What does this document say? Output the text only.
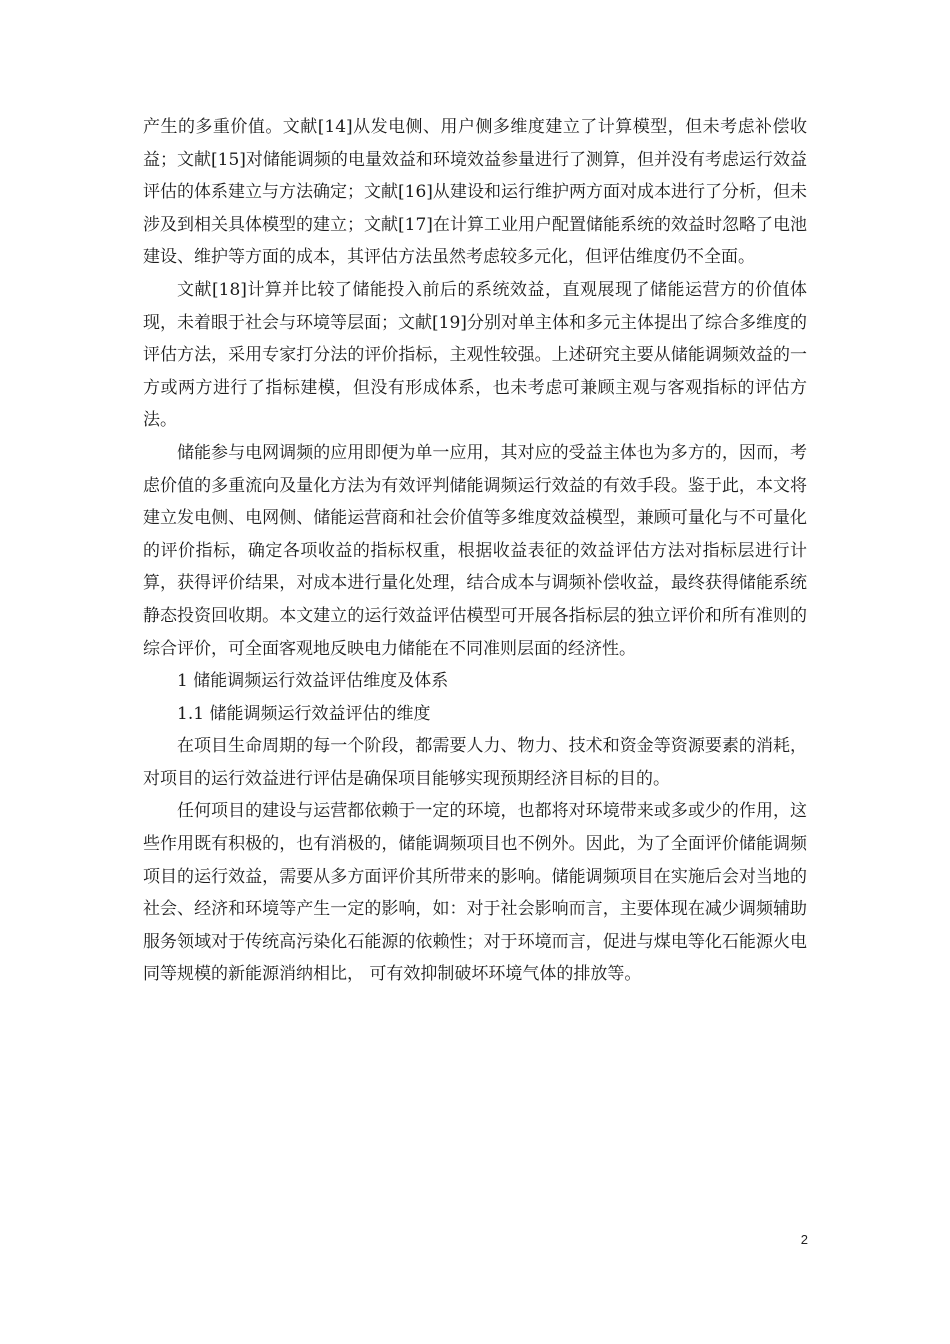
产生的多重价值。文献[14]从发电侧、用户侧多维度建立了计算模型，但未考虑补偿收益；文献[15]对储能调频的电量效益和环境效益参量进行了测算，但并没有考虑运行效益评估的体系建立与方法确定；文献[16]从建设和运行维护两方面对成本进行了分析，但未涉及到相关具体模型的建立；文献[17]在计算工业用户配置储能系统的效益时忽略了电池建设、维护等方面的成本，其评估方法虽然考虑较多元化，但评估维度仍不全面。

文献[18]计算并比较了储能投入前后的系统效益，直观展现了储能运营方的价值体现，未着眼于社会与环境等层面；文献[19]分别对单主体和多元主体提出了综合多维度的评估方法，采用专家打分法的评价指标，主观性较强。上述研究主要从储能调频效益的一方或两方进行了指标建模，但没有形成体系，也未考虑可兼顾主观与客观指标的评估方法。

储能参与电网调频的应用即便为单一应用，其对应的受益主体也为多方的，因而，考虑价值的多重流向及量化方法为有效评判储能调频运行效益的有效手段。鉴于此，本文将建立发电侧、电网侧、储能运营商和社会价值等多维度效益模型，兼顾可量化与不可量化的评价指标，确定各项收益的指标权重，根据收益表征的效益评估方法对指标层进行计算，获得评价结果，对成本进行量化处理，结合成本与调频补偿收益，最终获得储能系统静态投资回收期。本文建立的运行效益评估模型可开展各指标层的独立评价和所有准则的综合评价，可全面客观地反映电力储能在不同准则层面的经济性。

1 储能调频运行效益评估维度及体系

1.1 储能调频运行效益评估的维度

在项目生命周期的每一个阶段，都需要人力、物力、技术和资金等资源要素的消耗，对项目的运行效益进行评估是确保项目能够实现预期经济目标的目的。

任何项目的建设与运营都依赖于一定的环境，也都将对环境带来或多或少的作用，这些作用既有积极的，也有消极的，储能调频项目也不例外。因此，为了全面评价储能调频项目的运行效益，需要从多方面评价其所带来的影响。储能调频项目在实施后会对当地的社会、经济和环境等产生一定的影响，如：对于社会影响而言，主要体现在减少调频辅助服务领域对于传统高污染化石能源的依赖性；对于环境而言，促进与煤电等化石能源火电同等规模的新能源消纳相比， 可有效抑制破坏环境气体的排放等。

2
